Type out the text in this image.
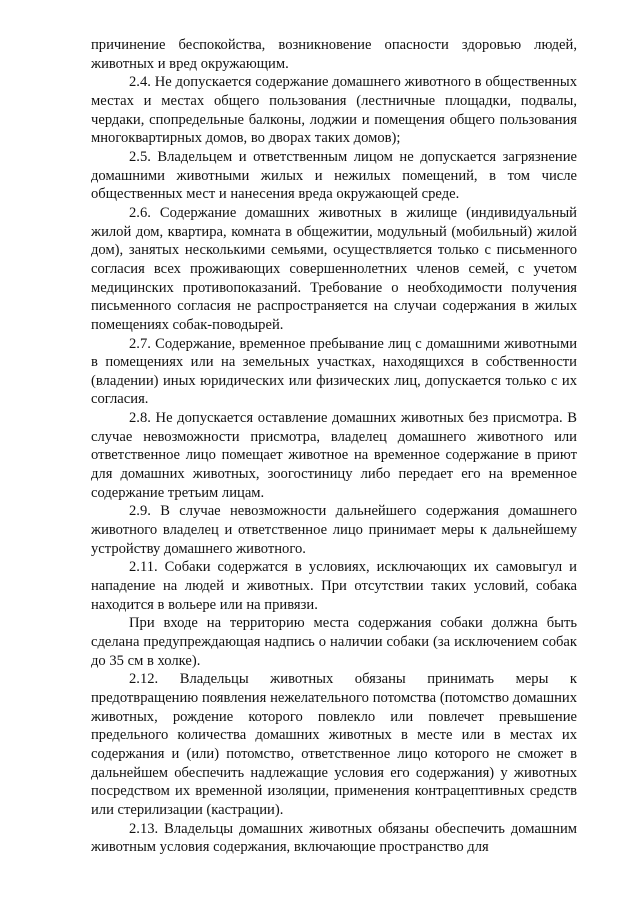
причинение беспокойства, возникновение опасности здоровью людей, животных и вред окружающим.

2.4. Не допускается содержание домашнего животного в общественных местах и местах общего пользования (лестничные площадки, подвалы, чердаки, спопредельные балконы, лоджии и помещения общего пользования многоквартирных домов, во дворах таких домов);

2.5. Владельцем и ответственным лицом не допускается загрязнение домашними животными жилых и нежилых помещений, в том числе общественных мест и нанесения вреда окружающей среде.

2.6. Содержание домашних животных в жилище (индивидуальный жилой дом, квартира, комната в общежитии, модульный (мобильный) жилой дом), занятых несколькими семьями, осуществляется только с письменного согласия всех проживающих совершеннолетних членов семей, с учетом медицинских противопоказаний. Требование о необходимости получения письменного согласия не распространяется на случаи содержания в жилых помещениях собак-поводырей.

2.7. Содержание, временное пребывание лиц с домашними животными в помещениях или на земельных участках, находящихся в собственности (владении) иных юридических или физических лиц, допускается только с их согласия.

2.8. Не допускается оставление домашних животных без присмотра. В случае невозможности присмотра, владелец домашнего животного или ответственное лицо помещает животное на временное содержание в приют для домашних животных, зоогостиницу либо передает его на временное содержание третьим лицам.

2.9. В случае невозможности дальнейшего содержания домашнего животного владелец и ответственное лицо принимает меры к дальнейшему устройству домашнего животного.

2.11. Собаки содержатся в условиях, исключающих их самовыгул и нападение на людей и животных. При отсутствии таких условий, собака находится в вольере или на привязи.

При входе на территорию места содержания собаки должна быть сделана предупреждающая надпись о наличии собаки (за исключением собак до 35 см в холке).

2.12. Владельцы животных обязаны принимать меры к предотвращению появления нежелательного потомства (потомство домашних животных, рождение которого повлекло или повлечет превышение предельного количества домашних животных в месте или в местах их содержания и (или) потомство, ответственное лицо которого не сможет в дальнейшем обеспечить надлежащие условия его содержания) у животных посредством их временной изоляции, применения контрацептивных средств или стерилизации (кастрации).

2.13. Владельцы домашних животных обязаны обеспечить домашним животным условия содержания, включающие пространство для
